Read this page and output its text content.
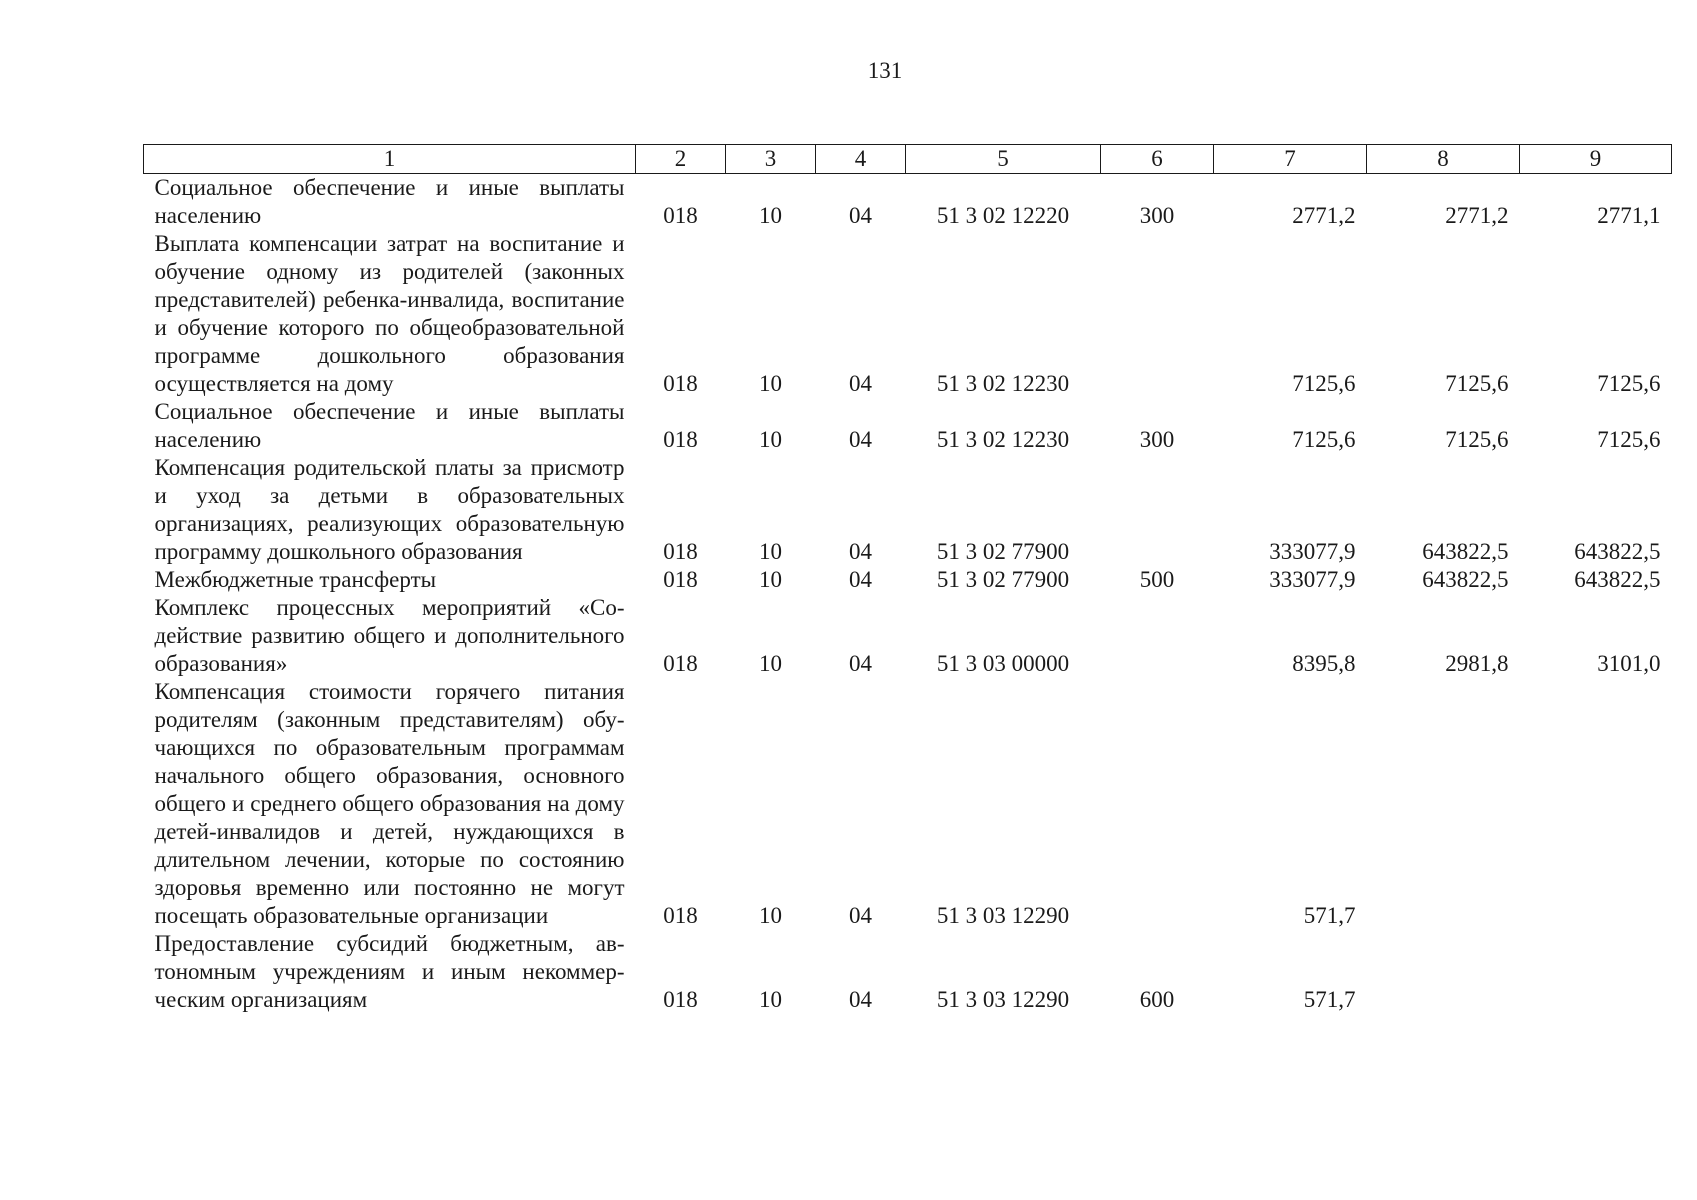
131
1	2	3	4	5	6	7	8	9
Социальное обеспечение и иные выплаты населению	018	10	04	51 3 02 12220	300	2771,2	2771,2	2771,1
Выплата компенсации затрат на воспитание и обучение одному из родителей (законных представителей) ребенка-инвалида, воспитание и обучение которого по общеобразовательной программе дошкольного образования осуществляется на дому	018	10	04	51 3 02 12230		7125,6	7125,6	7125,6
Социальное обеспечение и иные выплаты населению	018	10	04	51 3 02 12230	300	7125,6	7125,6	7125,6
Компенсация родительской платы за присмотр и уход за детьми в образовательных организациях, реализующих образовательную программу дошкольного образования	018	10	04	51 3 02 77900		333077,9	643822,5	643822,5
Межбюджетные трансферты	018	10	04	51 3 02 77900	500	333077,9	643822,5	643822,5
Комплекс процессных мероприятий «Содействие развитию общего и дополнительного образования»	018	10	04	51 3 03 00000		8395,8	2981,8	3101,0
Компенсация стоимости горячего питания родителям (законным представителям) обучающихся по образовательным программам начального общего образования, основного общего и среднего общего образования на дому детей-инвалидов и детей, нуждающихся в длительном лечении, которые по состоянию здоровья временно или постоянно не могут посещать образовательные организации	018	10	04	51 3 03 12290		571,7		
Предоставление субсидий бюджетным, автономным учреждениям и иным некоммерческим организациям	018	10	04	51 3 03 12290	600	571,7		
